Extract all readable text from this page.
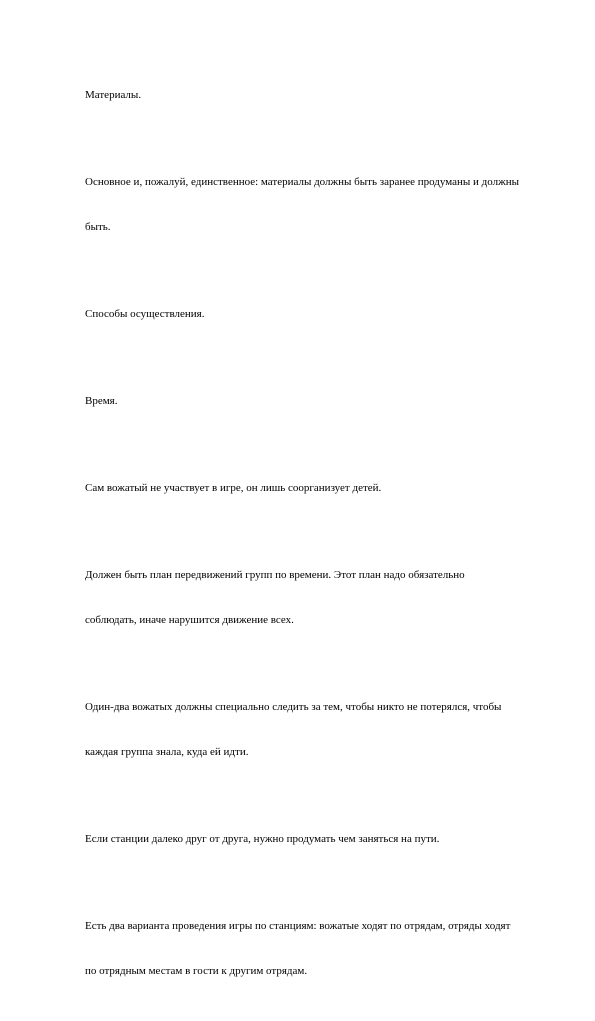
Материалы.

Основное и, пожалуй, единственное: материалы должны быть заранее продуманы и должны

быть.

Способы осуществления.

Время.

Сам вожатый не участвует в игре, он лишь соорганизует детей.

Должен быть план передвижений групп по времени. Этот план надо обязательно

соблюдать, иначе нарушится движение всех.

Один-два вожатых должны специально следить за тем, чтобы никто не потерялся, чтобы

каждая группа знала, куда ей идти.

Если станции далеко друг от друга, нужно продумать чем заняться на пути.

Есть два варианта проведения игры по станциям: вожатые ходят по отрядам, отряды ходят

по отрядным местам в гости к другим отрядам.
